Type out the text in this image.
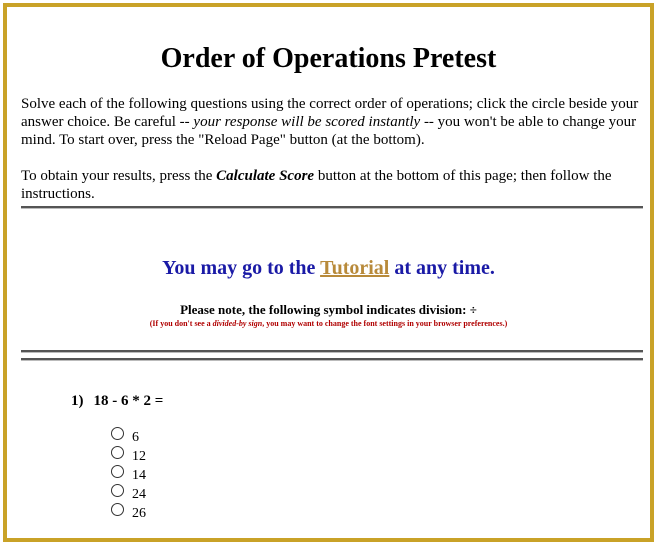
Order of Operations Pretest

Solve each of the following questions using the correct order of operations; click the circle beside your answer choice. Be careful -- your response will be scored instantly -- you won't be able to change your mind. To start over, press the "Reload Page" button (at the bottom).

To obtain your results, press the Calculate Score button at the bottom of this page; then follow the instructions.

You may go to the Tutorial at any time.
Please note, the following symbol indicates division: ÷
(If you don't see a divided-by sign, you may want to change the font settings in your browser preferences.)
1) 18 - 6 * 2 =
6
12
14
24
26
